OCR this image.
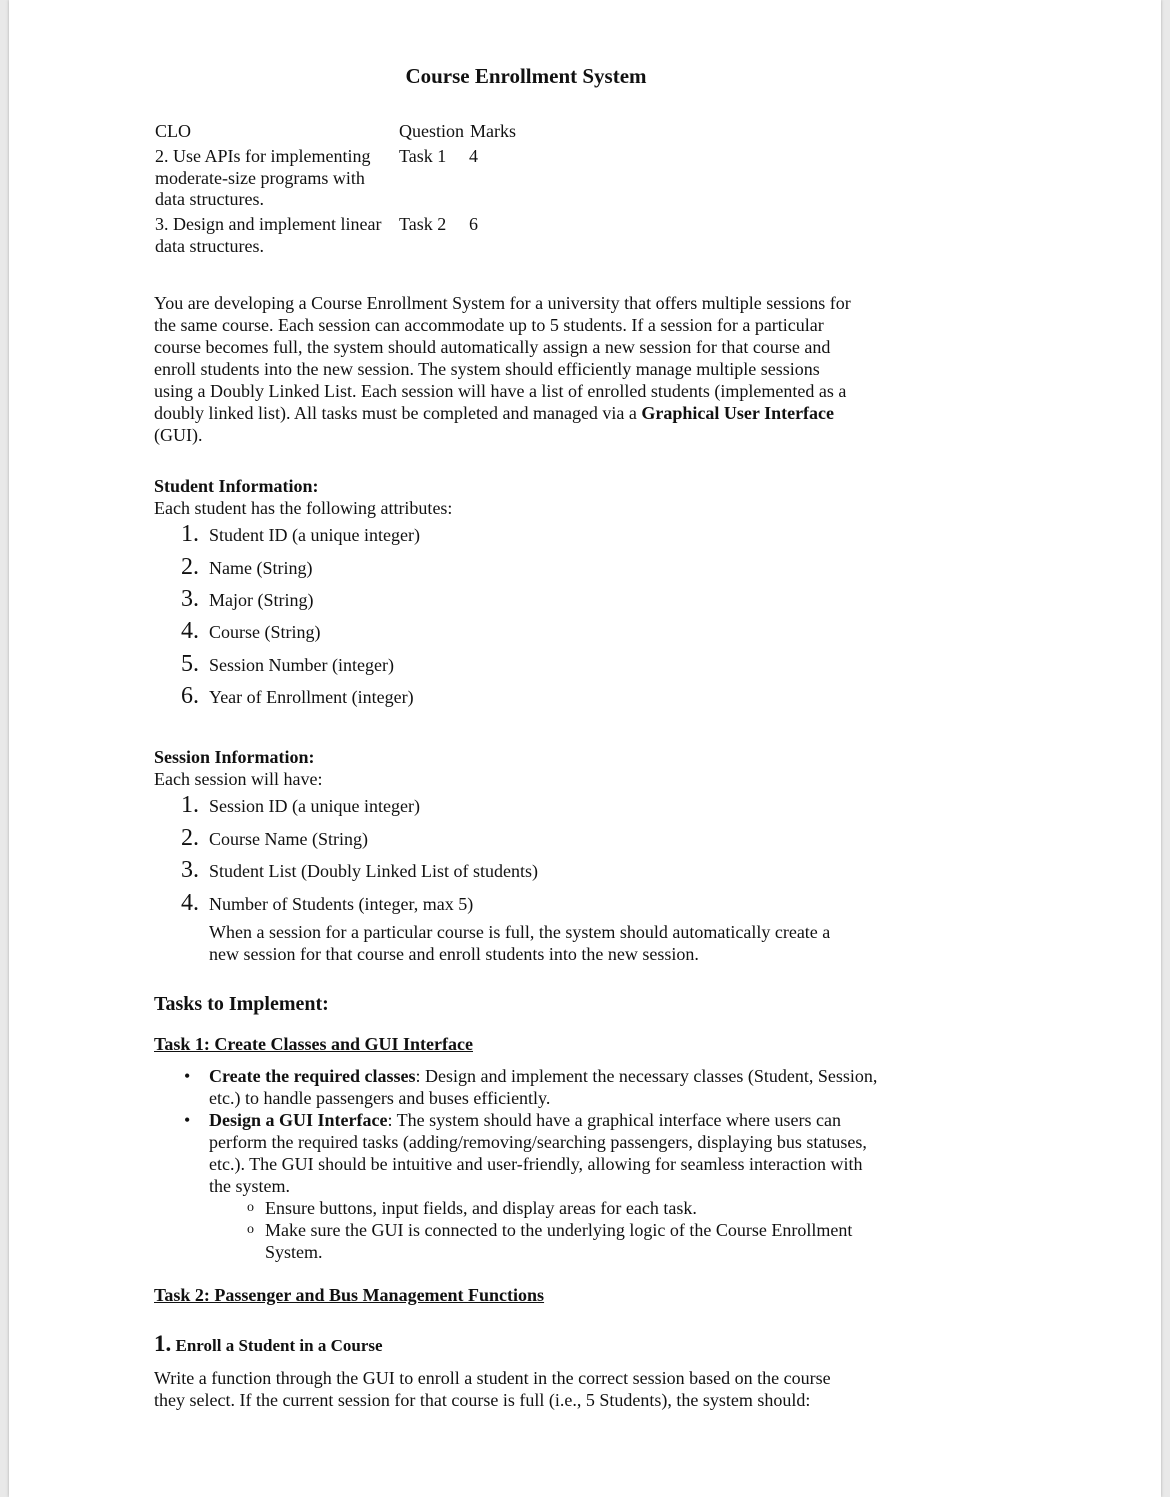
Course Enrollment System
CLO	Question Marks
2. Use APIs for implementing
moderate-size programs with
data structures.
Task 1 4
3. Design and implement linear
data structures.
Task 2 6
You are developing a Course Enrollment System for a university that offers multiple sessions for
the same course. Each session can accommodate up to 5 students. If a session for a particular
course becomes full, the system should automatically assign a new session for that course and
enroll students into the new session. The system should efficiently manage multiple sessions
using a Doubly Linked List. Each session will have a list of enrolled students (implemented as a
doubly linked list). All tasks must be completed and managed via a Graphical User Interface
(GUI).
Student Information:
Each student has the following attributes:
1. Student ID (a unique integer)
2. Name (String)
3. Major (String)
4. Course (String)
5. Session Number (integer)
6. Year of Enrollment (integer)
Session Information:
Each session will have:
1. Session ID (a unique integer)
2. Course Name (String)
3. Student List (Doubly Linked List of students)
4. Number of Students (integer, max 5)
When a session for a particular course is full, the system should automatically create a
new session for that course and enroll students into the new session.
Tasks to Implement:
Task 1: Create Classes and GUI Interface

• Create the required classes: Design and implement the necessary classes (Student, Session, etc.) to handle passengers and buses efficiently.

• Design a GUI Interface: The system should have a graphical interface where users can perform the required tasks (adding/removing/searching passengers, displaying bus statuses, etc.). The GUI should be intuitive and user-friendly, allowing for seamless interaction with the system.

o Ensure buttons, input fields, and display areas for each task.

o Make sure the GUI is connected to the underlying logic of the Course Enrollment System.

Task 2: Passenger and Bus Management Functions
1. Enroll a Student in a Course
Write a function through the GUI to enroll a student in the correct session based on the course
they select. If the current session for that course is full (i.e., 5 Students), the system should:
